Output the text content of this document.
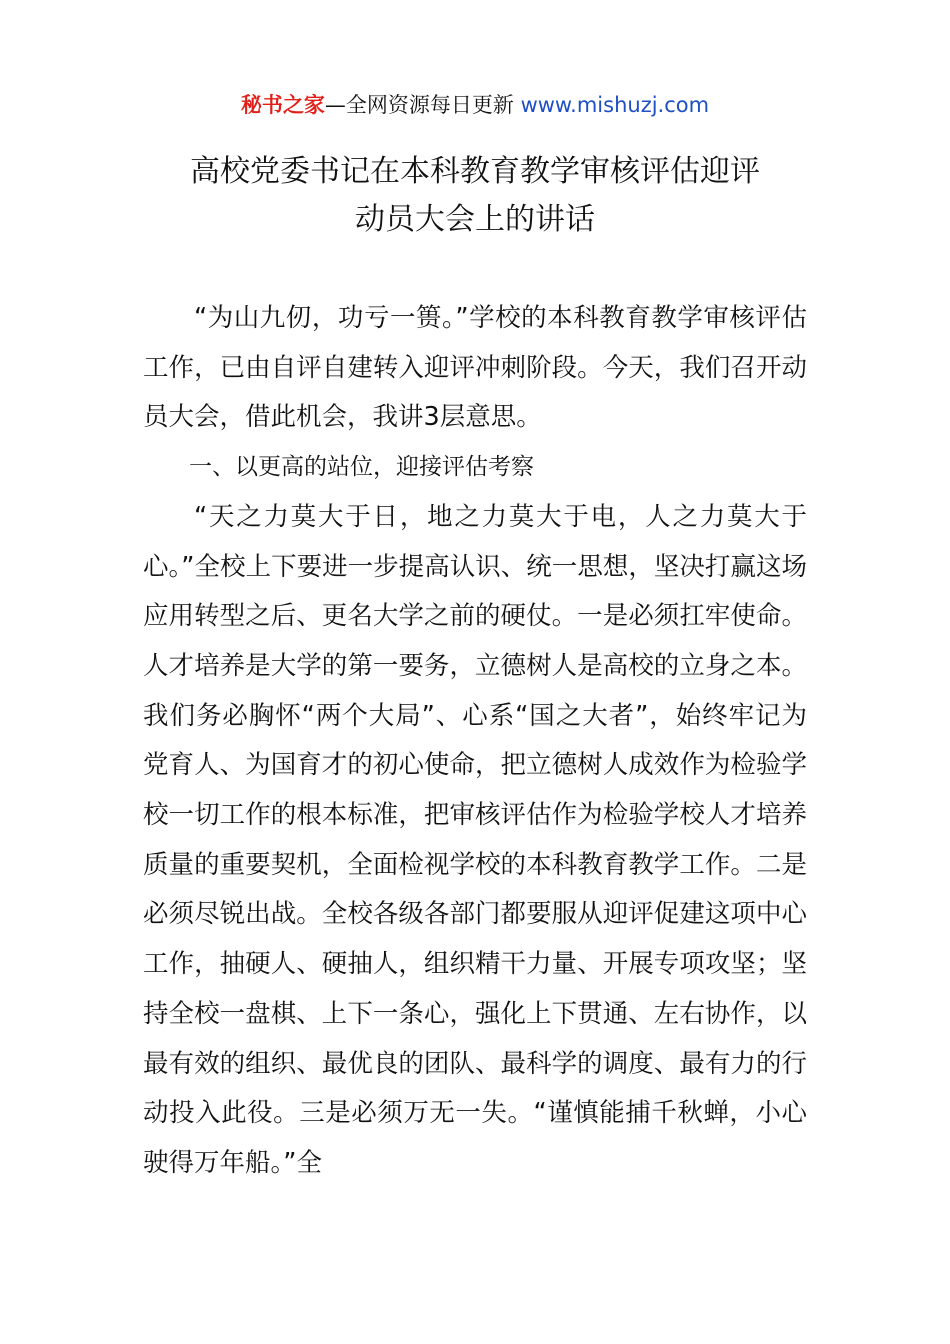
秘书之家—全网资源每日更新 www.mishuzj.com
高校党委书记在本科教育教学审核评估迎评
动员大会上的讲话

“为山九仞，功亏一篑。”学校的本科教育教学审核评估工作，已由自评自建转入迎评冲刺阶段。今天，我们召开动员大会，借此机会，我讲3层意思。

一、以更高的站位，迎接评估考察

“天之力莫大于日，地之力莫大于电，人之力莫大于心。”全校上下要进一步提高认识、统一思想，坚决打赢这场应用转型之后、更名大学之前的硬仗。一是必须扛牢使命。人才培养是大学的第一要务，立德树人是高校的立身之本。我们务必胸怀“两个大局”、心系“国之大者”，始终牢记为党育人、为国育才的初心使命，把立德树人成效作为检验学校一切工作的根本标准，把审核评估作为检验学校人才培养质量的重要契机，全面检视学校的本科教育教学工作。二是必须尽锐出战。全校各级各部门都要服从迎评促建这项中心工作，抽硬人、硬抽人，组织精干力量、开展专项攻坚；坚持全校一盘棋、上下一条心，强化上下贯通、左右协作，以最有效的组织、最优良的团队、最科学的调度、最有力的行动投入此役。三是必须万无一失。“谨慎能捕千秋蝉，小心驶得万年船。”全
